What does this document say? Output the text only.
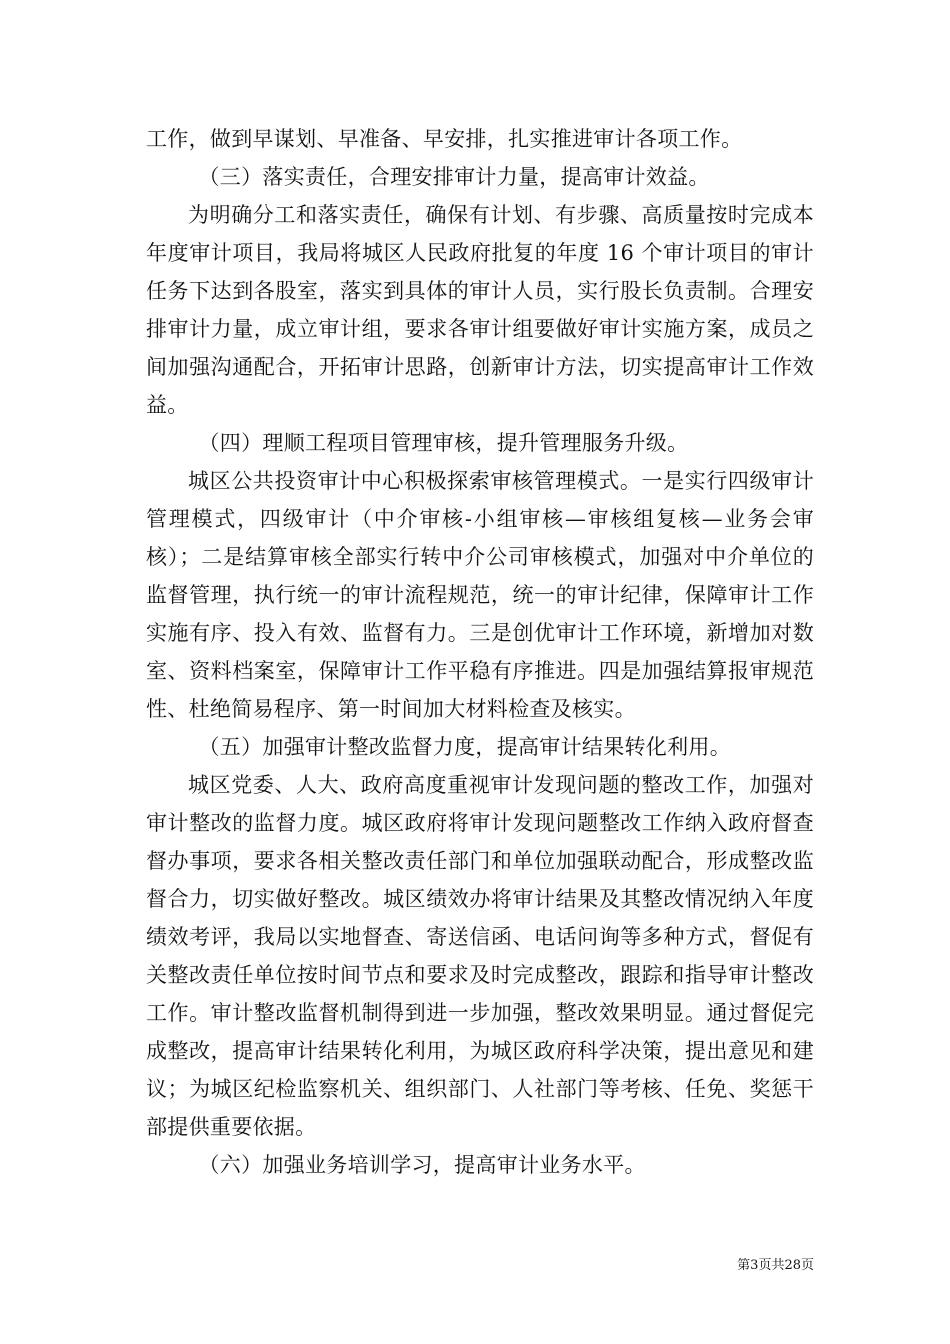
工作，做到早谋划、早准备、早安排，扎实推进审计各项工作。

（三）落实责任，合理安排审计力量，提高审计效益。

为明确分工和落实责任，确保有计划、有步骤、高质量按时完成本年度审计项目，我局将城区人民政府批复的年度 16 个审计项目的审计任务下达到各股室，落实到具体的审计人员，实行股长负责制。合理安排审计力量，成立审计组，要求各审计组要做好审计实施方案，成员之间加强沟通配合，开拓审计思路，创新审计方法，切实提高审计工作效益。

（四）理顺工程项目管理审核，提升管理服务升级。

城区公共投资审计中心积极探索审核管理模式。一是实行四级审计管理模式，四级审计（中介审核-小组审核—审核组复核—业务会审核）；二是结算审核全部实行转中介公司审核模式，加强对中介单位的监督管理，执行统一的审计流程规范，统一的审计纪律，保障审计工作实施有序、投入有效、监督有力。三是创优审计工作环境，新增加对数室、资料档案室，保障审计工作平稳有序推进。四是加强结算报审规范性、杜绝简易程序、第一时间加大材料检查及核实。

（五）加强审计整改监督力度，提高审计结果转化利用。

城区党委、人大、政府高度重视审计发现问题的整改工作，加强对审计整改的监督力度。城区政府将审计发现问题整改工作纳入政府督查督办事项，要求各相关整改责任部门和单位加强联动配合，形成整改监督合力，切实做好整改。城区绩效办将审计结果及其整改情况纳入年度绩效考评，我局以实地督查、寄送信函、电话问询等多种方式，督促有关整改责任单位按时间节点和要求及时完成整改，跟踪和指导审计整改工作。审计整改监督机制得到进一步加强，整改效果明显。通过督促完成整改，提高审计结果转化利用，为城区政府科学决策，提出意见和建议；为城区纪检监察机关、组织部门、人社部门等考核、任免、奖惩干部提供重要依据。

（六）加强业务培训学习，提高审计业务水平。

第3页共28页
